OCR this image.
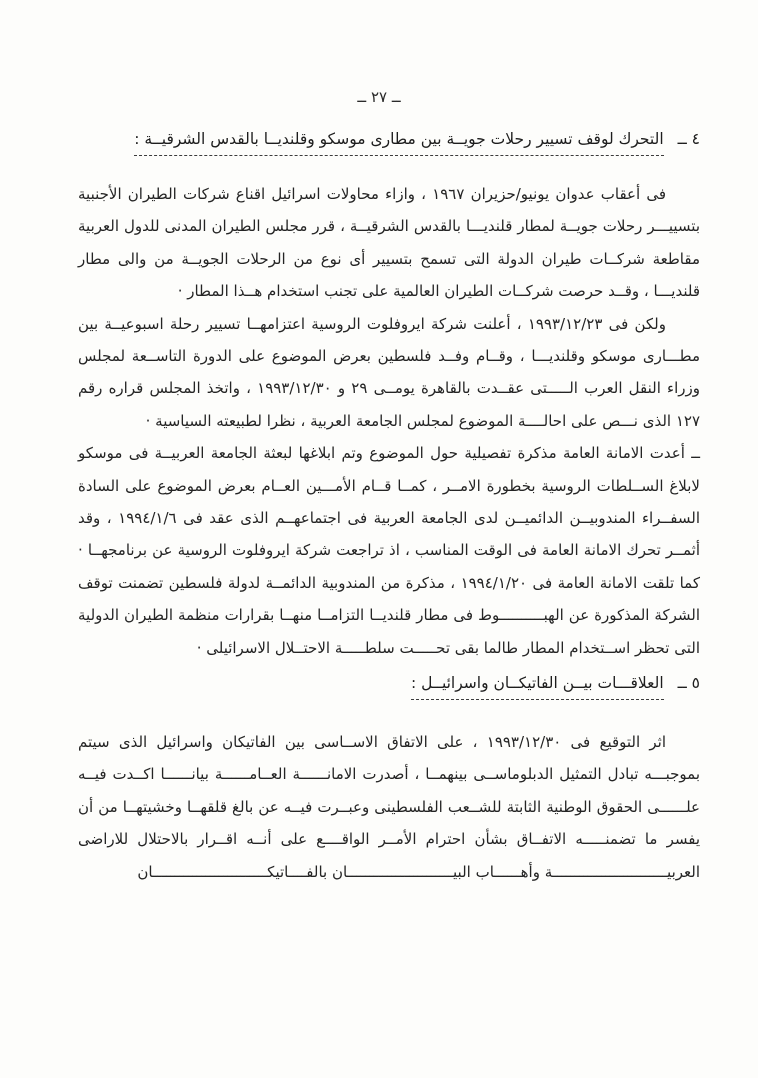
ــ ٢٧ ــ
٤ ــ
التحرك لوقف تسيير رحلات جويــة بين مطارى موسكو وقلنديــا بالقدس الشرقيــة :

فى أعقاب عدوان يونيو/حزيران ١٩٦٧ ، وازاء محاولات اسرائيل اقناع شركات الطيران الأجنبية بتسييـــر رحلات جويــة لمطار قلنديـــا بالقدس الشرقيــة ، قرر مجلس الطيران المدنى للدول العربية مقاطعة شركــات طيران الدولة التى تسمح بتسيير أى نوع من الرحلات الجويــة من والى مطار قلنديـــا ، وقــد حرصت شركــات الطيران العالمية على تجنب استخدام هــذا المطار ·

ولكن فى ١٩٩٣/١٢/٢٣ ، أعلنت شركة ايروفلوت الروسية اعتزامهــا تسيير رحلة اسبوعيــة بين مطـــارى موسكو وقلنديـــا ، وقــام وفــد فلسطين بعرض الموضوع على الدورة التاســعة لمجلس وزراء النقل العرب الـــــتى عقــدت بالقاهرة يومــى ٢٩ و ١٩٩٣/١٢/٣٠ ، واتخذ المجلس قراره رقم ١٢٧ الذى نـــص على احالــــة الموضوع لمجلس الجامعة العربية ، نظرا لطبيعته السياسية ·

ــ أعدت الامانة العامة مذكرة تفصيلية حول الموضوع وتم ابلاغها لبعثة الجامعة العربيــة فى موسكو لابلاغ الســلطات الروسية بخطورة الامــر ، كمــا قــام الأمـــين العــام بعرض الموضوع على السادة السفــراء المندوبيــن الدائميــن لدى الجامعة العربية فى اجتماعهــم الذى عقد فى ١٩٩٤/١/٦ ، وقد أثمــر تحرك الامانة العامة فى الوقت المناسب ، اذ تراجعت شركة ايروفلوت الروسية عن برنامجهــا · كما تلقت الامانة العامة فى ١٩٩٤/١/٢٠ ، مذكرة من المندوبية الدائمــة لدولة فلسطين تضمنت توقف الشركة المذكورة عن الهبــــــــــوط فى مطار قلنديــا التزامــا منهــا بقرارات منظمة الطيران الدولية التى تحظر اســتخدام المطار طالما بقى تحـــــت سلطـــــة الاحتــلال الاسرائيلى ·

٥ ــ
العلاقـــات بيــن الفاتيكــان واسرائيــل :

اثر التوقيع فى ١٩٩٣/١٢/٣٠ ، على الاتفاق الاســاسى بين الفاتيكان واسرائيل الذى سيتم بموجبـــه تبادل التمثيل الدبلوماســى بينهمــا ، أصدرت الامانــــــة العــامــــــة بيانــــــا اكــدت فيــه علــــــى الحقوق الوطنية الثابتة للشــعب الفلسطينى وعبــرت فيــه عن بالغ قلقهــا وخشيتهــا من أن يفسر ما تضمنـــــه الاتفــاق بشأن احترام الأمــر الواقــــع على أنــه اقــرار بالاحتلال للاراضى العربيــــــــــــــــــــــــــة وأهــــــاب البيــــــــــــــــــــــــان بالفــــاتيكــــــــــــــــــــــــــان
